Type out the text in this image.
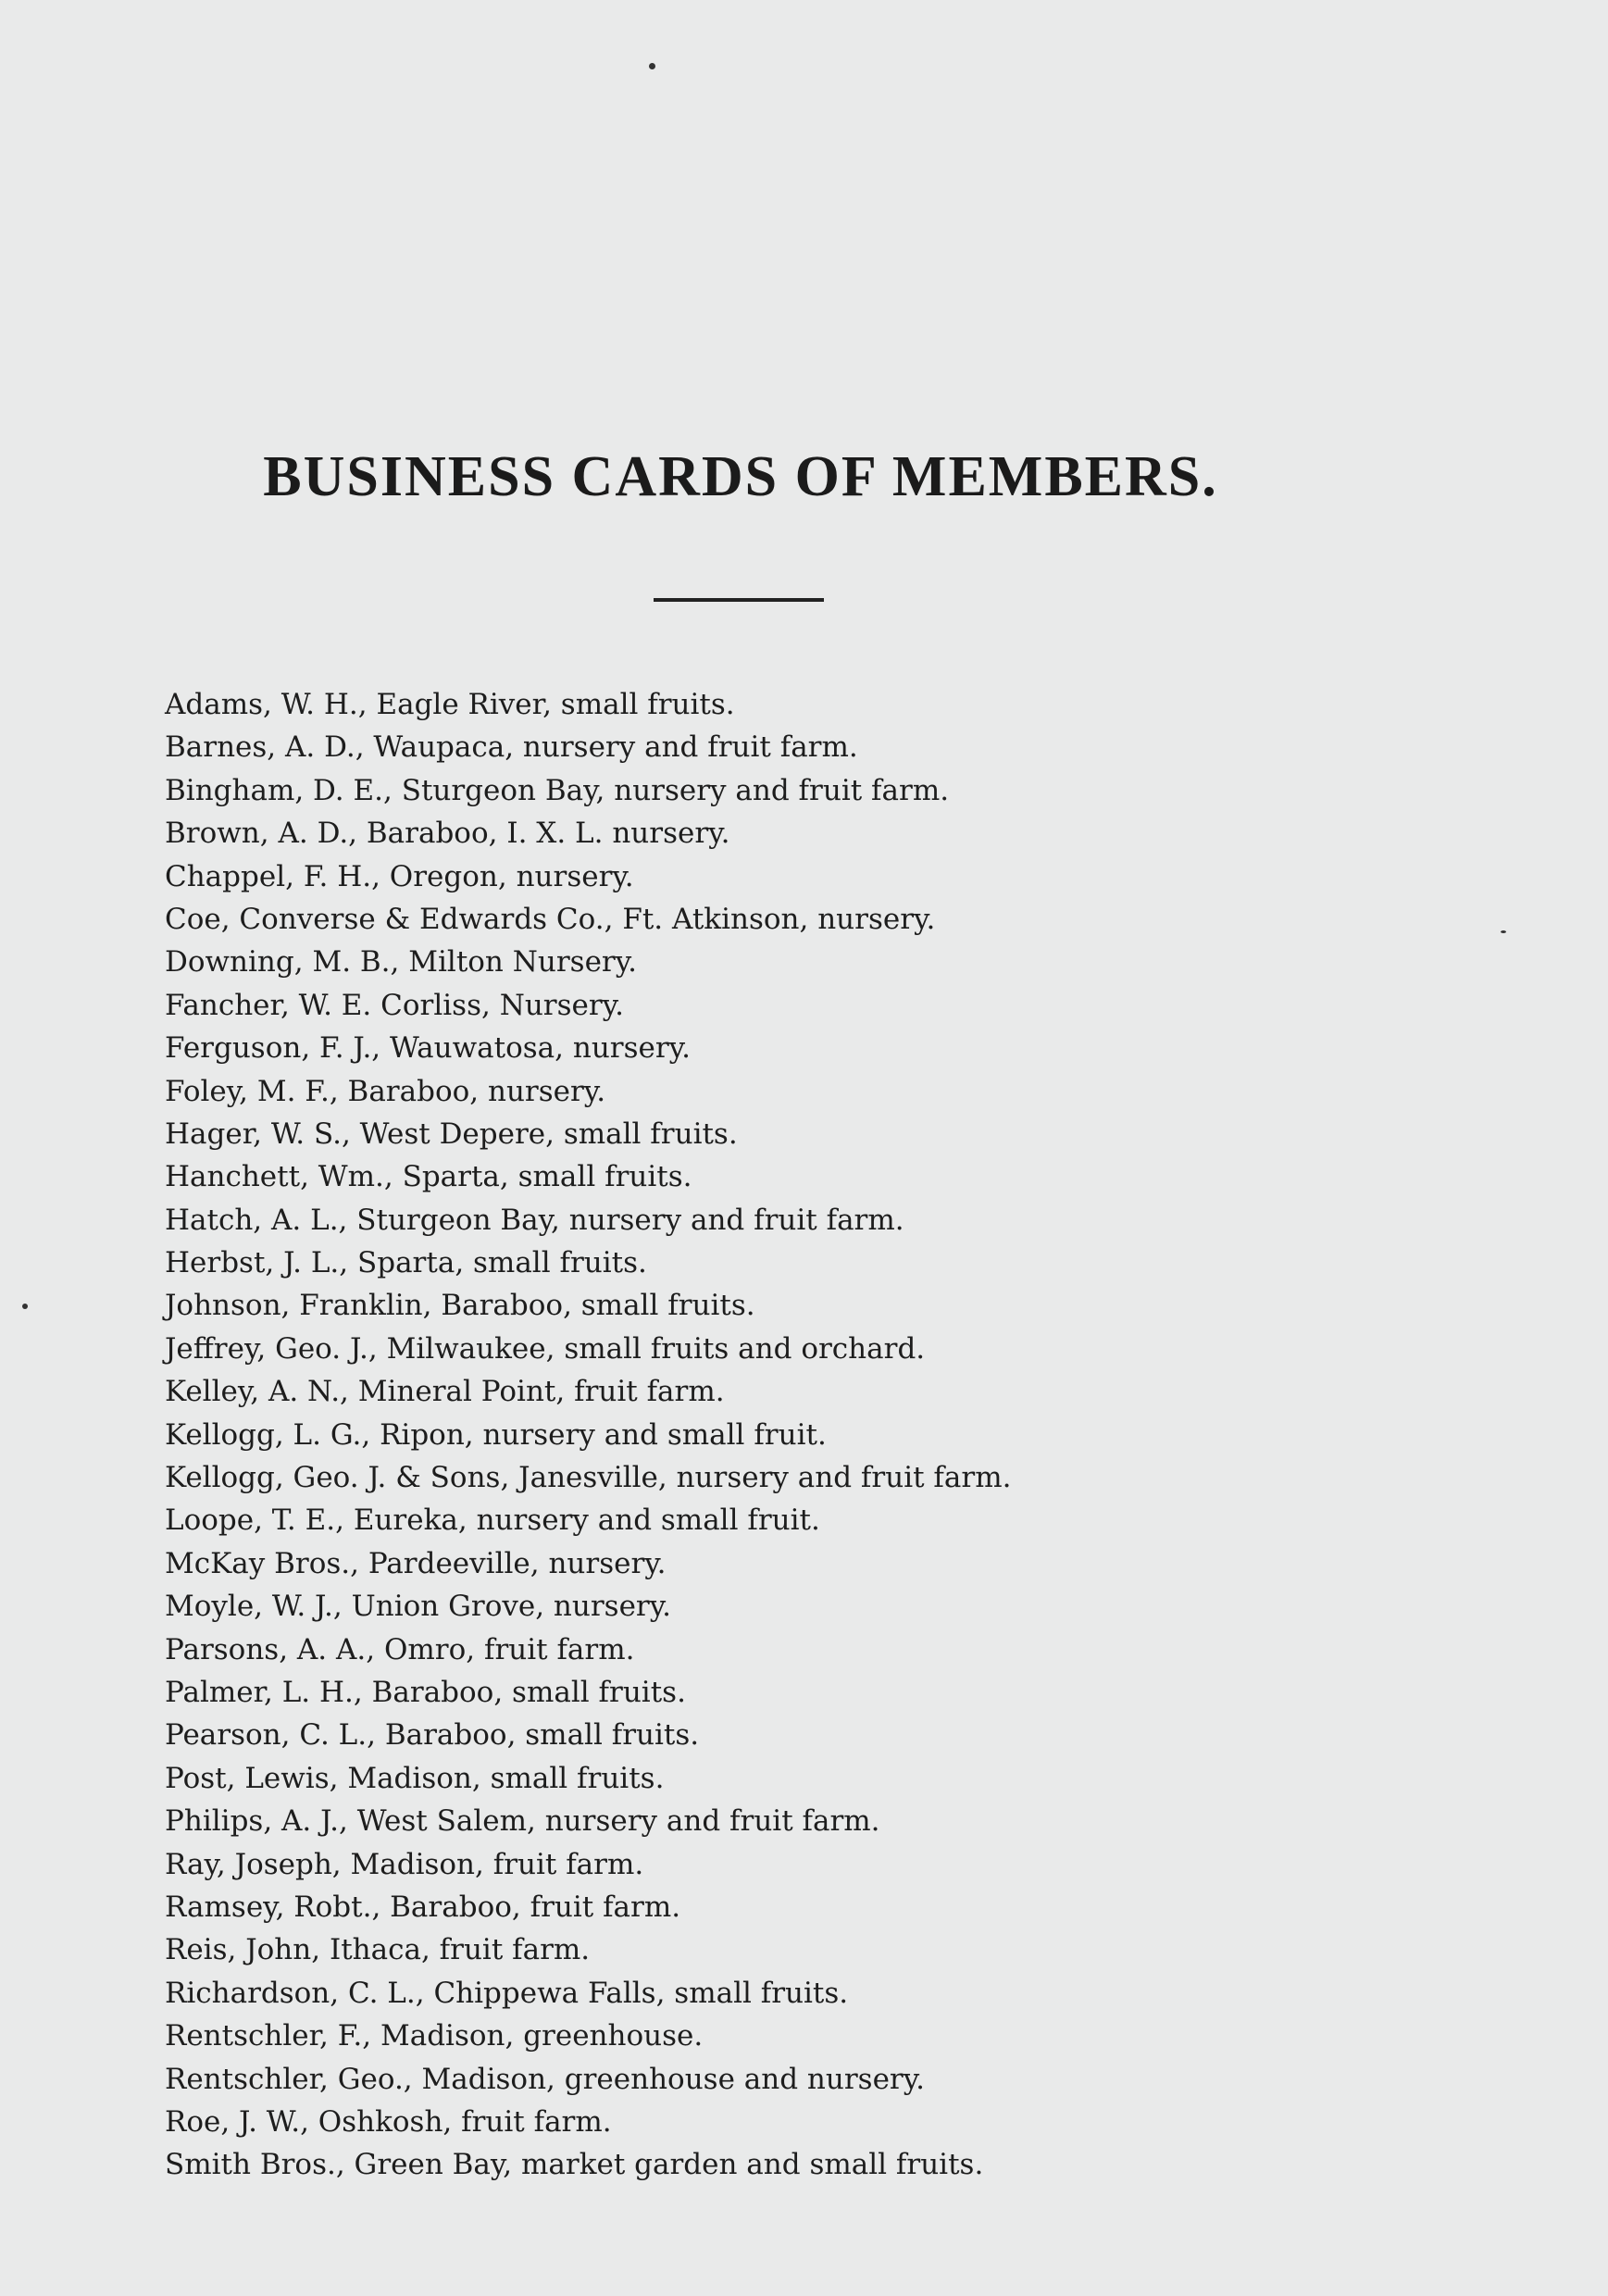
BUSINESS CARDS OF MEMBERS.
Adams, W. H., Eagle River, small fruits.
Barnes, A. D., Waupaca, nursery and fruit farm.
Bingham, D. E., Sturgeon Bay, nursery and fruit farm.
Brown, A. D., Baraboo, I. X. L. nursery.
Chappel, F. H., Oregon, nursery.
Coe, Converse & Edwards Co., Ft. Atkinson, nursery.
Downing, M. B., Milton Nursery.
Fancher, W. E. Corliss, Nursery.
Ferguson, F. J., Wauwatosa, nursery.
Foley, M. F., Baraboo, nursery.
Hager, W. S., West Depere, small fruits.
Hanchett, Wm., Sparta, small fruits.
Hatch, A. L., Sturgeon Bay, nursery and fruit farm.
Herbst, J. L., Sparta, small fruits.
Johnson, Franklin, Baraboo, small fruits.
Jeffrey, Geo. J., Milwaukee, small fruits and orchard.
Kelley, A. N., Mineral Point, fruit farm.
Kellogg, L. G., Ripon, nursery and small fruit.
Kellogg, Geo. J. & Sons, Janesville, nursery and fruit farm.
Loope, T. E., Eureka, nursery and small fruit.
McKay Bros., Pardeeville, nursery.
Moyle, W. J., Union Grove, nursery.
Parsons, A. A., Omro, fruit farm.
Palmer, L. H., Baraboo, small fruits.
Pearson, C. L., Baraboo, small fruits.
Post, Lewis, Madison, small fruits.
Philips, A. J., West Salem, nursery and fruit farm.
Ray, Joseph, Madison, fruit farm.
Ramsey, Robt., Baraboo, fruit farm.
Reis, John, Ithaca, fruit farm.
Richardson, C. L., Chippewa Falls, small fruits.
Rentschler, F., Madison, greenhouse.
Rentschler, Geo., Madison, greenhouse and nursery.
Roe, J. W., Oshkosh, fruit farm.
Smith Bros., Green Bay, market garden and small fruits.
